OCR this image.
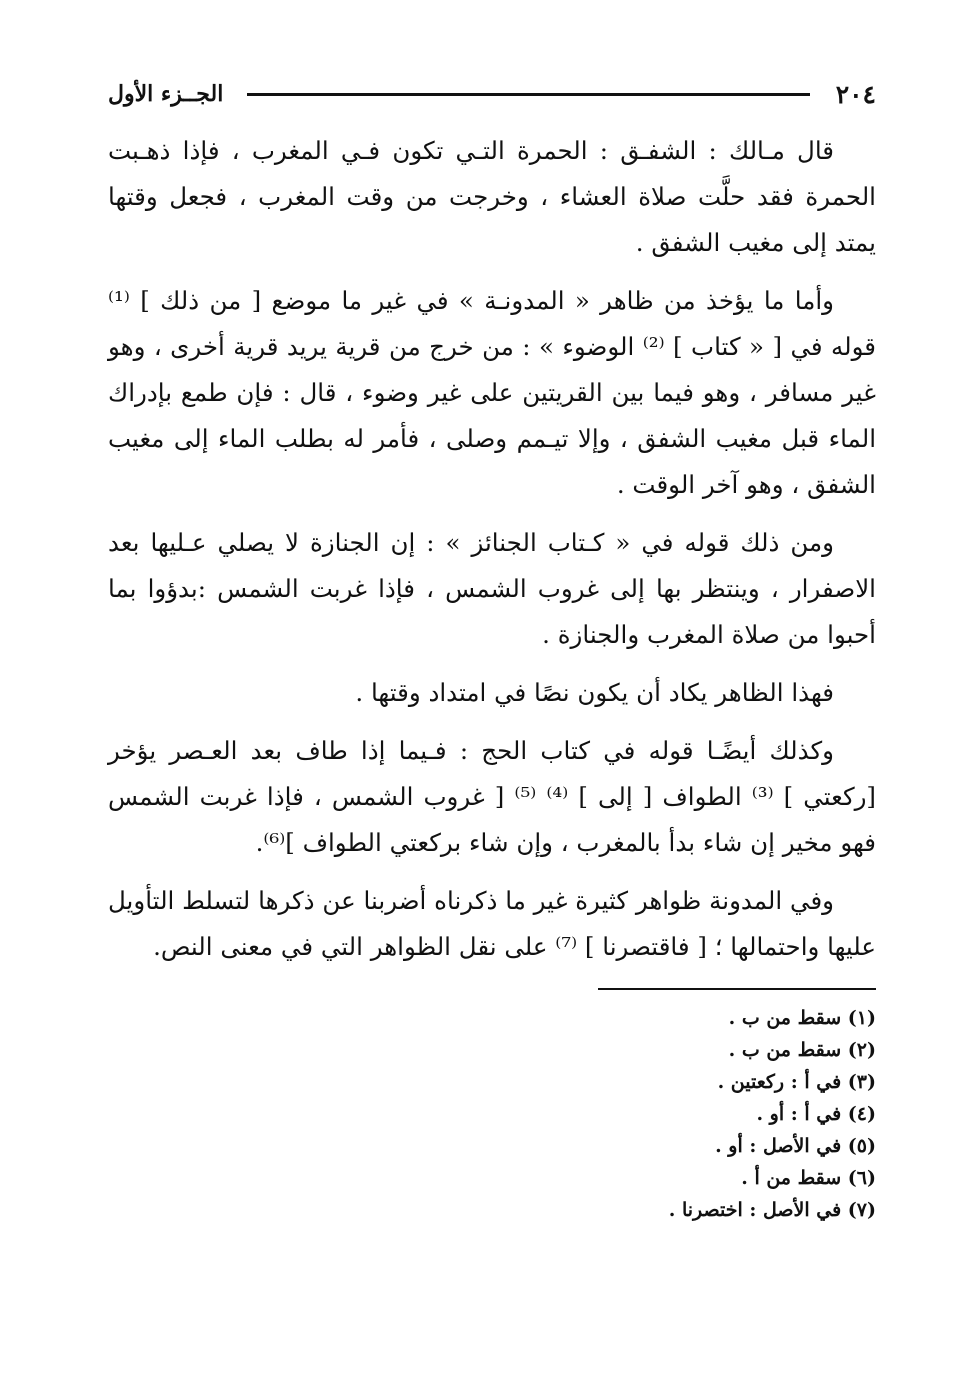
٢٠٤
الجــزء الأول

قال مـالك : الشفـق : الحمرة التـي تكون فـي المغرب ، فإذا ذهـبت الحمرة فقد حلَّت صلاة العشاء ، وخرجت من وقت المغرب ، فجعل وقتها يمتد إلى مغيب الشفق .

وأما ما يؤخذ من ظاهر « المدونـة » في غير ما موضع [ من ذلك ] ⁽¹⁾ قوله في [ « كتاب ] ⁽²⁾ الوضوء » : من خرج من قرية يريد قرية أخرى ، وهو غير مسافر ، وهو فيما بين القريتين على غير وضوء ، قال : فإن طمع بإدراك الماء قبل مغيب الشفق ، وإلا تيـمم وصلى ، فأمر له بطلب الماء إلى مغيب الشفق ، وهو آخر الوقت .

ومن ذلك قوله في « كـتاب الجنائز » : إن الجنازة لا يصلي عـليها بعد الاصفرار ، وينتظر بها إلى غروب الشمس ، فإذا غربت الشمس :بدؤوا بما أحبوا من صلاة المغرب والجنازة .

فهذا الظاهر يكاد أن يكون نصًا في امتداد وقتها .

وكذلك أيضًـا قوله في كتاب الحج : فـيما إذا طاف بعد العـصر يؤخر [ركعتي ] ⁽³⁾ الطواف [ إلى ] ⁽⁴⁾ ⁽⁵⁾ [ غروب الشمس ، فإذا غربت الشمس فهو مخير إن شاء بدأ بالمغرب ، وإن شاء بركعتي الطواف ]⁽⁶⁾.

وفي المدونة ظواهر كثيرة غير ما ذكرناه أضربنا عن ذكرها لتسلط التأويل عليها واحتمالها ؛ [ فاقتصرنا ] ⁽⁷⁾ على نقل الظواهر التي في معنى النص.

(١) سقط من ب .
(٢) سقط من ب .
(٣) في أ : ركعتين .
(٤) في أ : أو .
(٥) في الأصل : أو .
(٦) سقط من أ .
(٧) في الأصل : اختصرنا .
